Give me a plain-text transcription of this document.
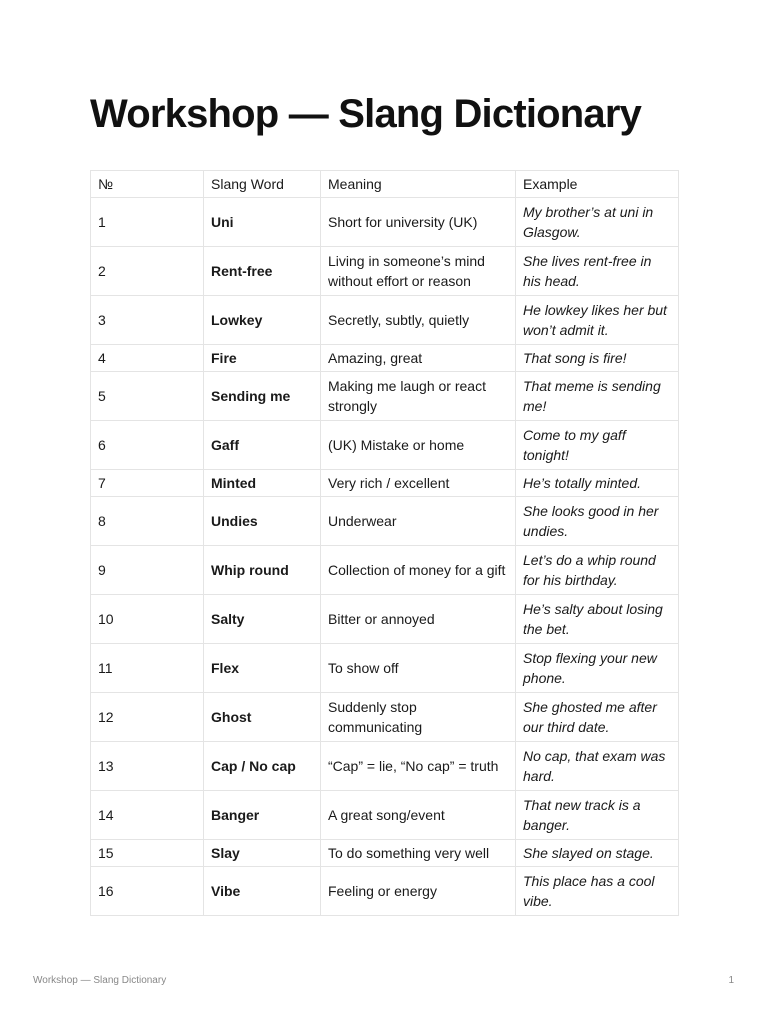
Workshop — Slang Dictionary
№	Slang Word	Meaning	Example
1	Uni	Short for university (UK)	My brother’s at uni in Glasgow.
2	Rent-free	Living in someone’s mind without effort or reason	She lives rent-free in his head.
3	Lowkey	Secretly, subtly, quietly	He lowkey likes her but won’t admit it.
4	Fire	Amazing, great	That song is fire!
5	Sending me	Making me laugh or react strongly	That meme is sending me!
6	Gaff	(UK) Mistake or home	Come to my gaff tonight!
7	Minted	Very rich / excellent	He’s totally minted.
8	Undies	Underwear	She looks good in her undies.
9	Whip round	Collection of money for a gift	Let’s do a whip round for his birthday.
10	Salty	Bitter or annoyed	He’s salty about losing the bet.
11	Flex	To show off	Stop flexing your new phone.
12	Ghost	Suddenly stop communicating	She ghosted me after our third date.
13	Cap / No cap	“Cap” = lie, “No cap” = truth	No cap, that exam was hard.
14	Banger	A great song/event	That new track is a banger.
15	Slay	To do something very well	She slayed on stage.
16	Vibe	Feeling or energy	This place has a cool vibe.
Workshop — Slang Dictionary	1
